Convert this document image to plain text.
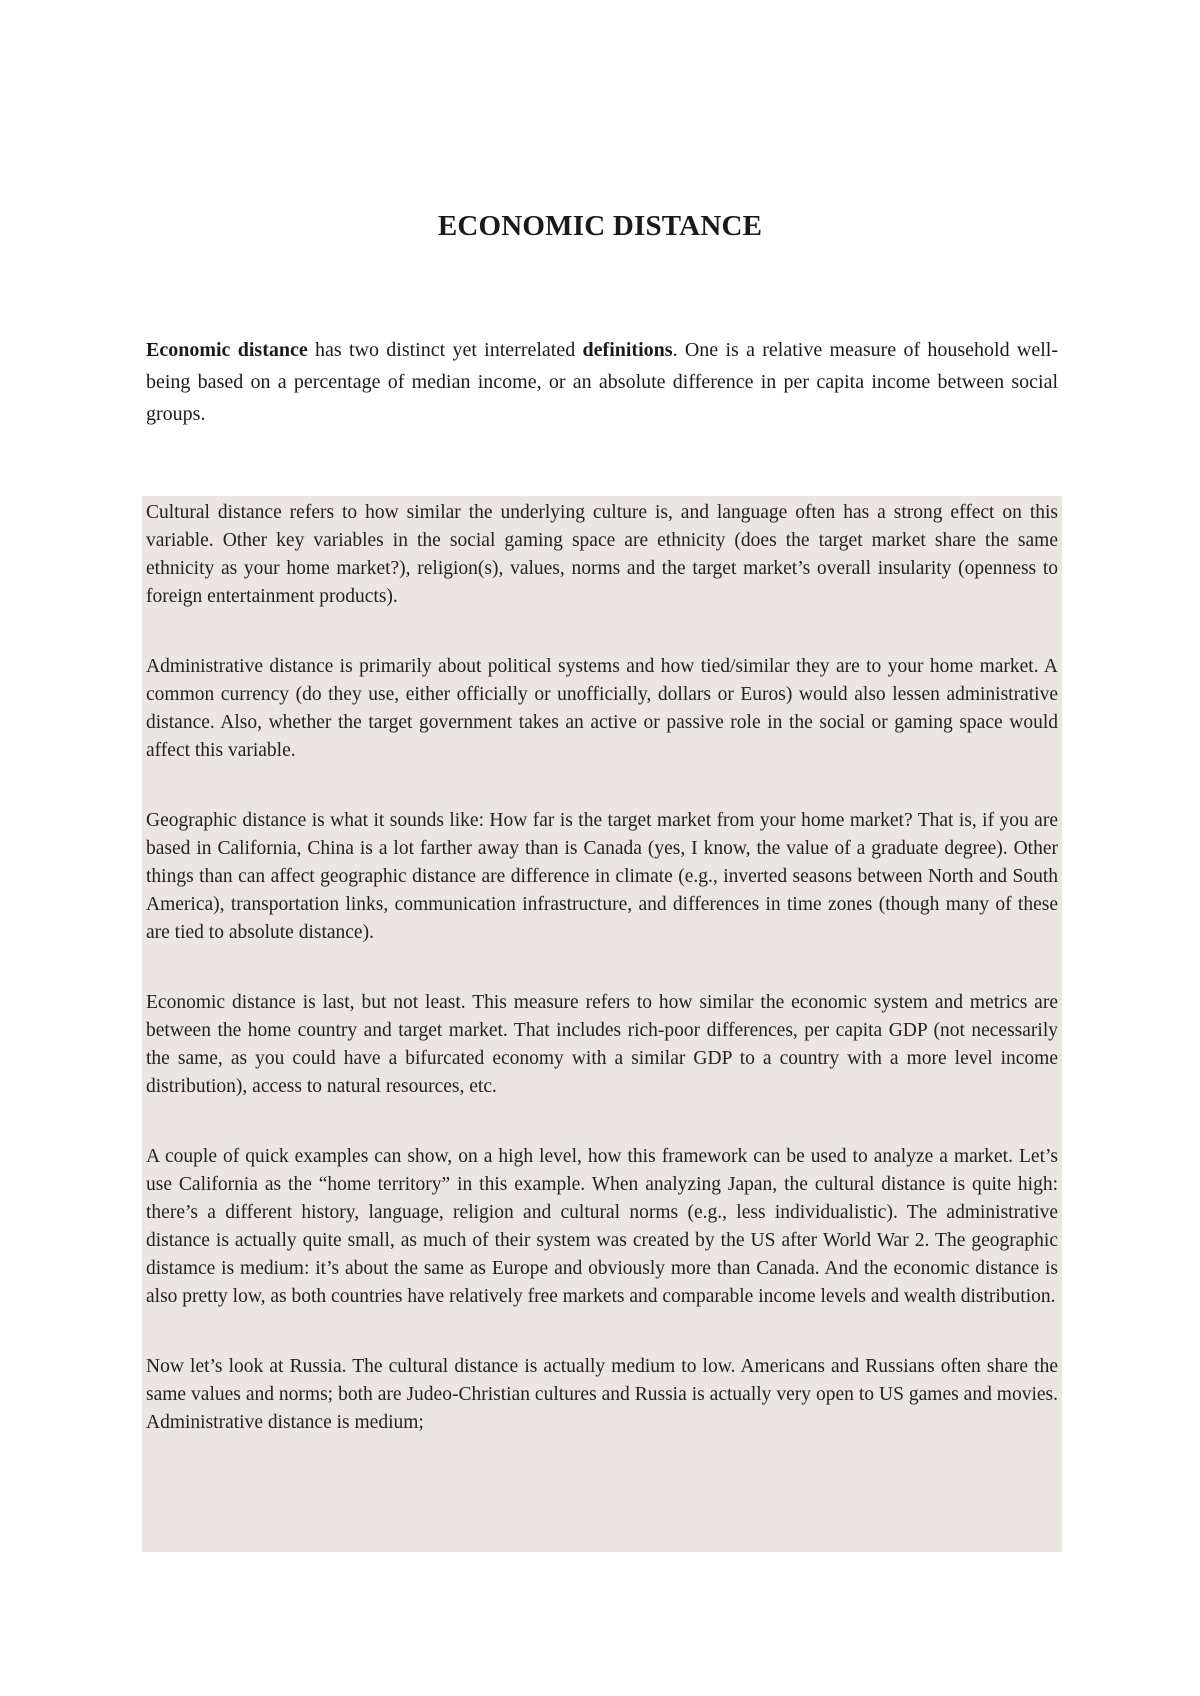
ECONOMIC DISTANCE

Economic distance has two distinct yet interrelated definitions. One is a relative measure of household well-being based on a percentage of median income, or an absolute difference in per capita income between social groups.

Cultural distance refers to how similar the underlying culture is, and language often has a strong effect on this variable. Other key variables in the social gaming space are ethnicity (does the target market share the same ethnicity as your home market?), religion(s), values, norms and the target market’s overall insularity (openness to foreign entertainment products).

Administrative distance is primarily about political systems and how tied/similar they are to your home market. A common currency (do they use, either officially or unofficially, dollars or Euros) would also lessen administrative distance. Also, whether the target government takes an active or passive role in the social or gaming space would affect this variable.

Geographic distance is what it sounds like: How far is the target market from your home market? That is, if you are based in California, China is a lot farther away than is Canada (yes, I know, the value of a graduate degree). Other things than can affect geographic distance are difference in climate (e.g., inverted seasons between North and South America), transportation links, communication infrastructure, and differences in time zones (though many of these are tied to absolute distance).

Economic distance is last, but not least. This measure refers to how similar the economic system and metrics are between the home country and target market. That includes rich-poor differences, per capita GDP (not necessarily the same, as you could have a bifurcated economy with a similar GDP to a country with a more level income distribution), access to natural resources, etc.

A couple of quick examples can show, on a high level, how this framework can be used to analyze a market. Let’s use California as the “home territory” in this example. When analyzing Japan, the cultural distance is quite high: there’s a different history, language, religion and cultural norms (e.g., less individualistic). The administrative distance is actually quite small, as much of their system was created by the US after World War 2. The geographic distamce is medium: it’s about the same as Europe and obviously more than Canada. And the economic distance is also pretty low, as both countries have relatively free markets and comparable income levels and wealth distribution.

Now let’s look at Russia. The cultural distance is actually medium to low. Americans and Russians often share the same values and norms; both are Judeo-Christian cultures and Russia is actually very open to US games and movies. Administrative distance is medium;
